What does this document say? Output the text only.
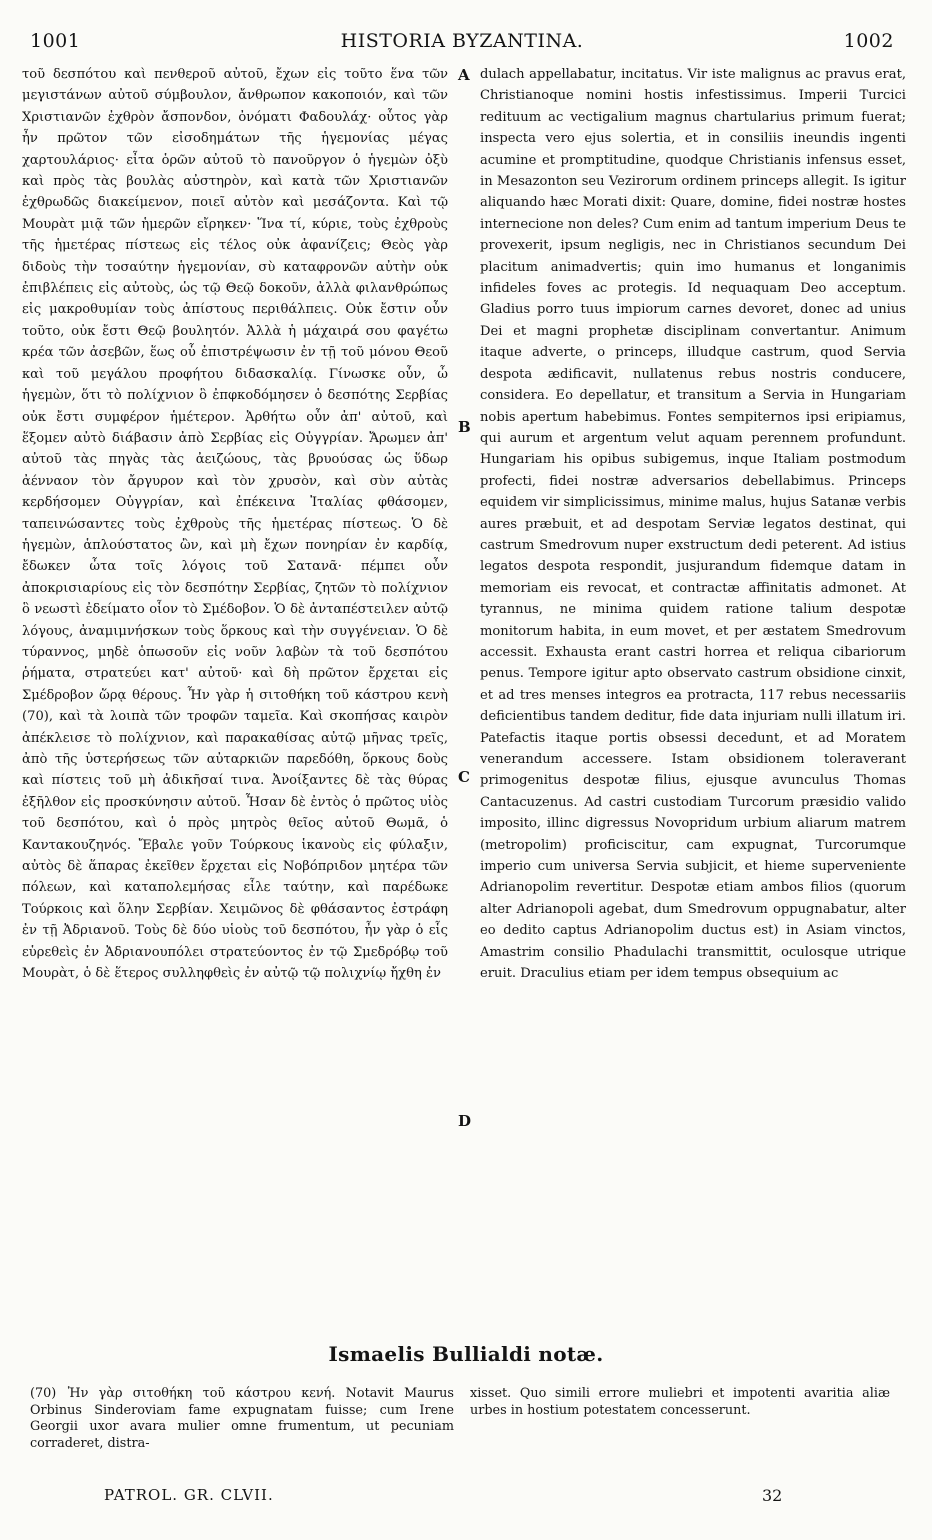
1001	HISTORIA BYZANTINA.	1002

τοῦ δεσπότου καὶ πενθεροῦ αὐτοῦ, ἔχων εἰς τοῦτο ἕνα τῶν μεγιστάνων αὐτοῦ σύμβουλον, ἄνθρωπον κακοποιόν, καὶ τῶν Χριστιανῶν ἐχθρὸν ἄσπονδον, ὀνόματι Φαδουλάχ· οὗτος γὰρ ἦν πρῶτον τῶν εἰσοδημάτων τῆς ἡγεμονίας μέγας χαρτουλάριος· εἶτα ὁρῶν αὐτοῦ τὸ πανοῦργον ὁ ἡγεμὼν ὀξὺ καὶ πρὸς τὰς βουλὰς αὐστηρὸν, καὶ κατὰ τῶν Χριστιανῶν ἐχθρωδῶς διακείμενον, ποιεῖ αὐτὸν καὶ μεσάζοντα. Καὶ τῷ Μουρὰτ μιᾷ τῶν ἡμερῶν εἴρηκεν· Ἵνα τί, κύριε, τοὺς ἐχθροὺς τῆς ἡμετέρας πίστεως εἰς τέλος οὐκ ἀφανίζεις; Θεὸς γὰρ διδοὺς τὴν τοσαύτην ἡγεμονίαν, σὺ καταφρονῶν αὐτὴν οὐκ ἐπιβλέπεις εἰς αὐτοὺς, ὡς τῷ Θεῷ δοκοῦν, ἀλλὰ φιλανθρώπως εἰς μακροθυμίαν τοὺς ἀπίστους περιθάλπεις. Οὐκ ἔστιν οὖν τοῦτο, οὐκ ἔστι Θεῷ βουλητόν. Ἀλλὰ ἡ μάχαιρά σου φαγέτω κρέα τῶν ἀσεβῶν, ἕως οὗ ἐπιστρέψωσιν ἐν τῇ τοῦ μόνου Θεοῦ καὶ τοῦ μεγάλου προφήτου διδασκαλίᾳ. Γίνωσκε οὖν, ὦ ἡγεμὼν, ὅτι τὸ πολίχνιον ὃ ἐπφκοδόμησεν ὁ δεσπότης Σερβίας οὐκ ἔστι συμφέρον ἡμέτερον. Ἀρθήτω οὖν ἀπ' αὐτοῦ, καὶ ἕξομεν αὐτὸ διάβασιν ἀπὸ Σερβίας εἰς Οὐγγρίαν. Ἄρωμεν ἀπ' αὐτοῦ τὰς πηγὰς τὰς ἀειζώους, τὰς βρυούσας ὡς ὕδωρ ἀένναον τὸν ἄργυρον καὶ τὸν χρυσὸν, καὶ σὺν αὐτὰς κερδήσομεν Οὐγγρίαν, καὶ ἐπέκεινα Ἰταλίας φθάσομεν, ταπεινώσαντες τοὺς ἐχθροὺς τῆς ἡμετέρας πίστεως. Ὁ δὲ ἡγεμὼν, ἁπλούστατος ὢν, καὶ μὴ ἔχων πονηρίαν ἐν καρδίᾳ, ἔδωκεν ὦτα τοῖς λόγοις τοῦ Σατανᾶ· πέμπει οὖν ἀποκρισιαρίους εἰς τὸν δεσπότην Σερβίας, ζητῶν τὸ πολίχνιον ὃ νεωστὶ ἐδείματο οἷον τὸ Σμέδοβον. Ὁ δὲ ἀνταπέστειλεν αὐτῷ λόγους, ἀναμιμνήσκων τοὺς ὅρκους καὶ τὴν συγγένειαν. Ὁ δὲ τύραννος, μηδὲ ὁπωσοῦν εἰς νοῦν λαβὼν τὰ τοῦ δεσπότου ῥήματα, στρατεύει κατ' αὐτοῦ· καὶ δὴ πρῶτον ἔρχεται εἰς Σμέδροβον ὥρᾳ θέρους. Ἦν γὰρ ἡ σιτοθήκη τοῦ κάστρου κενὴ (70), καὶ τὰ λοιπὰ τῶν τροφῶν ταμεῖα. Καὶ σκοπήσας καιρὸν ἀπέκλεισε τὸ πολίχνιον, καὶ παρακαθίσας αὐτῷ μῆνας τρεῖς, ἀπὸ τῆς ὑστερήσεως τῶν αὐταρκιῶν παρεδόθη, ὅρκους δοὺς καὶ πίστεις τοῦ μὴ ἀδικῆσαί τινα. Ἀνοίξαντες δὲ τὰς θύρας ἐξῆλθον εἰς προσκύνησιν αὐτοῦ. Ἦσαν δὲ ἐντὸς ὁ πρῶτος υἱὸς τοῦ δεσπότου, καὶ ὁ πρὸς μητρὸς θεῖος αὐτοῦ Θωμᾶ, ὁ Καντακουζηνός. Ἔβαλε γοῦν Τούρκους ἱκανοὺς εἰς φύλαξιν, αὐτὸς δὲ ἅπαρας ἐκεῖθεν ἔρχεται εἰς Νοβόπριδον μητέρα τῶν πόλεων, καὶ καταπολεμήσας εἷλε ταύτην, καὶ παρέδωκε Τούρκοις καὶ ὅλην Σερβίαν. Χειμῶνος δὲ φθάσαντος ἐστράφη ἐν τῇ Ἀδριανοῦ. Τοὺς δὲ δύο υἱοὺς τοῦ δεσπότου, ἦν γὰρ ὁ εἷς εὑρεθεὶς ἐν Ἀδριανουπόλει στρατεύοντος ἐν τῷ Σμεδρόβῳ τοῦ Μουρὰτ, ὁ δὲ ἕτερος συλληφθεὶς ἐν αὐτῷ τῷ πολιχνίῳ ἤχθη ἐν

A
B
C
D

dulach appellabatur, incitatus. Vir iste malignus ac pravus erat, Christianoque nomini hostis infestissimus. Imperii Turcici redituum ac vectigalium magnus chartularius primum fuerat; inspecta vero ejus solertia, et in consiliis ineundis ingenti acumine et promptitudine, quodque Christianis infensus esset, in Mesazonton seu Vezirorum ordinem princeps allegit. Is igitur aliquando hæc Morati dixit: Quare, domine, fidei nostræ hostes internecione non deles? Cum enim ad tantum imperium Deus te provexerit, ipsum negligis, nec in Christianos secundum Dei placitum animadvertis; quin imo humanus et longanimis infideles foves ac protegis. Id nequaquam Deo acceptum. Gladius porro tuus impiorum carnes devoret, donec ad unius Dei et magni prophetæ disciplinam convertantur. Animum itaque adverte, o princeps, illudque castrum, quod Servia despota ædificavit, nullatenus rebus nostris conducere, considera. Eo depellatur, et transitum a Servia in Hungariam nobis apertum habebimus. Fontes sempiternos ipsi eripiamus, qui aurum et argentum velut aquam perennem profundunt. Hungariam his opibus subigemus, inque Italiam postmodum profecti, fidei nostræ adversarios debellabimus. Princeps equidem vir simplicissimus, minime malus, hujus Satanæ verbis aures præbuit, et ad despotam Serviæ legatos destinat, qui castrum Smedrovum nuper exstructum dedi peterent. Ad istius legatos despota respondit, jusjurandum fidemque datam in memoriam eis revocat, et contractæ affinitatis admonet. At tyrannus, ne minima quidem ratione talium despotæ monitorum habita, in eum movet, et per æstatem Smedrovum accessit. Exhausta erant castri horrea et reliqua cibariorum penus. Tempore igitur apto observato castrum obsidione cinxit, et ad tres menses integros ea protracta, 117 rebus necessariis deficientibus tandem deditur, fide data injuriam nulli illatum iri. Patefactis itaque portis obsessi decedunt, et ad Moratem venerandum accessere. Istam obsidionem toleraverant primogenitus despotæ filius, ejusque avunculus Thomas Cantacuzenus. Ad castri custodiam Turcorum præsidio valido imposito, illinc digressus Novopridum urbium aliarum matrem (metropolim) proficiscitur, cam expugnat, Turcorumque imperio cum universa Servia subjicit, et hieme superveniente Adrianopolim revertitur. Despotæ etiam ambos filios (quorum alter Adrianopoli agebat, dum Smedrovum oppugnabatur, alter eo dedito captus Adrianopolim ductus est) in Asiam vinctos, Amastrim consilio Phadulachi transmittit, oculosque utrique eruit. Draculius etiam per idem tempus obsequium ac

Ismaelis Bullialdi notæ.

(70) Ἦν γὰρ σιτοθήκη τοῦ κάστρου κενή. Notavit Maurus Orbinus Sinderoviam fame expugnatam fuisse; cum Irene Georgii uxor avara mulier omne frumentum, ut pecuniam corraderet, distra-

xisset. Quo simili errore muliebri et impotenti avaritia aliæ urbes in hostium potestatem concesserunt.

PATROL. GR. CLVII.	32
